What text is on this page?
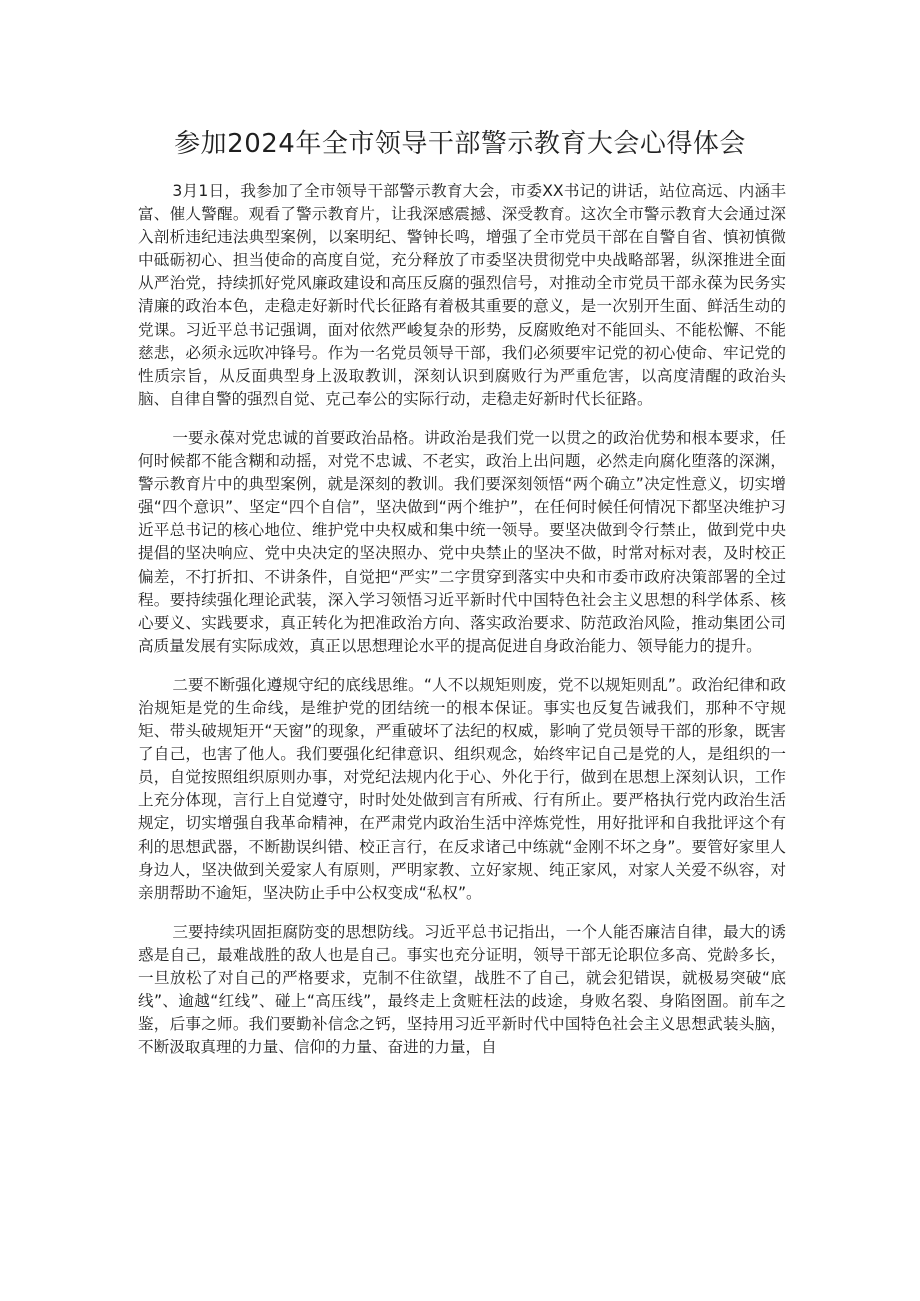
参加2024年全市领导干部警示教育大会心得体会

3月1日，我参加了全市领导干部警示教育大会，市委XX书记的讲话，站位高远、内涵丰富、催人警醒。观看了警示教育片，让我深感震撼、深受教育。这次全市警示教育大会通过深入剖析违纪违法典型案例，以案明纪、警钟长鸣，增强了全市党员干部在自警自省、慎初慎微中砥砺初心、担当使命的高度自觉，充分释放了市委坚决贯彻党中央战略部署，纵深推进全面从严治党，持续抓好党风廉政建设和高压反腐的强烈信号，对推动全市党员干部永葆为民务实清廉的政治本色，走稳走好新时代长征路有着极其重要的意义，是一次别开生面、鲜活生动的党课。习近平总书记强调，面对依然严峻复杂的形势，反腐败绝对不能回头、不能松懈、不能慈悲，必须永远吹冲锋号。作为一名党员领导干部，我们必须要牢记党的初心使命、牢记党的性质宗旨，从反面典型身上汲取教训，深刻认识到腐败行为严重危害，以高度清醒的政治头脑、自律自警的强烈自觉、克己奉公的实际行动，走稳走好新时代长征路。

一要永葆对党忠诚的首要政治品格。讲政治是我们党一以贯之的政治优势和根本要求，任何时候都不能含糊和动摇，对党不忠诚、不老实，政治上出问题，必然走向腐化堕落的深渊，警示教育片中的典型案例，就是深刻的教训。我们要深刻领悟“两个确立”决定性意义，切实增强“四个意识”、坚定“四个自信”，坚决做到“两个维护”，在任何时候任何情况下都坚决维护习近平总书记的核心地位、维护党中央权威和集中统一领导。要坚决做到令行禁止，做到党中央提倡的坚决响应、党中央决定的坚决照办、党中央禁止的坚决不做，时常对标对表，及时校正偏差，不打折扣、不讲条件，自觉把“严实”二字贯穿到落实中央和市委市政府决策部署的全过程。要持续强化理论武装，深入学习领悟习近平新时代中国特色社会主义思想的科学体系、核心要义、实践要求，真正转化为把准政治方向、落实政治要求、防范政治风险，推动集团公司高质量发展有实际成效，真正以思想理论水平的提高促进自身政治能力、领导能力的提升。

二要不断强化遵规守纪的底线思维。“人不以规矩则废，党不以规矩则乱”。政治纪律和政治规矩是党的生命线，是维护党的团结统一的根本保证。事实也反复告诫我们，那种不守规矩、带头破规矩开“天窗”的现象，严重破坏了法纪的权威，影响了党员领导干部的形象，既害了自己，也害了他人。我们要强化纪律意识、组织观念，始终牢记自己是党的人，是组织的一员，自觉按照组织原则办事，对党纪法规内化于心、外化于行，做到在思想上深刻认识，工作上充分体现，言行上自觉遵守，时时处处做到言有所戒、行有所止。要严格执行党内政治生活规定，切实增强自我革命精神，在严肃党内政治生活中淬炼党性，用好批评和自我批评这个有利的思想武器，不断勘误纠错、校正言行，在反求诸己中练就“金刚不坏之身”。要管好家里人身边人，坚决做到关爱家人有原则，严明家教、立好家规、纯正家风，对家人关爱不纵容，对亲朋帮助不逾矩，坚决防止手中公权变成“私权”。

三要持续巩固拒腐防变的思想防线。习近平总书记指出，一个人能否廉洁自律，最大的诱惑是自己，最难战胜的敌人也是自己。事实也充分证明，领导干部无论职位多高、党龄多长，一旦放松了对自己的严格要求，克制不住欲望，战胜不了自己，就会犯错误，就极易突破“底线”、逾越“红线”、碰上“高压线”，最终走上贪赃枉法的歧途，身败名裂、身陷囹圄。前车之鉴，后事之师。我们要勤补信念之钙，坚持用习近平新时代中国特色社会主义思想武装头脑，不断汲取真理的力量、信仰的力量、奋进的力量，自
